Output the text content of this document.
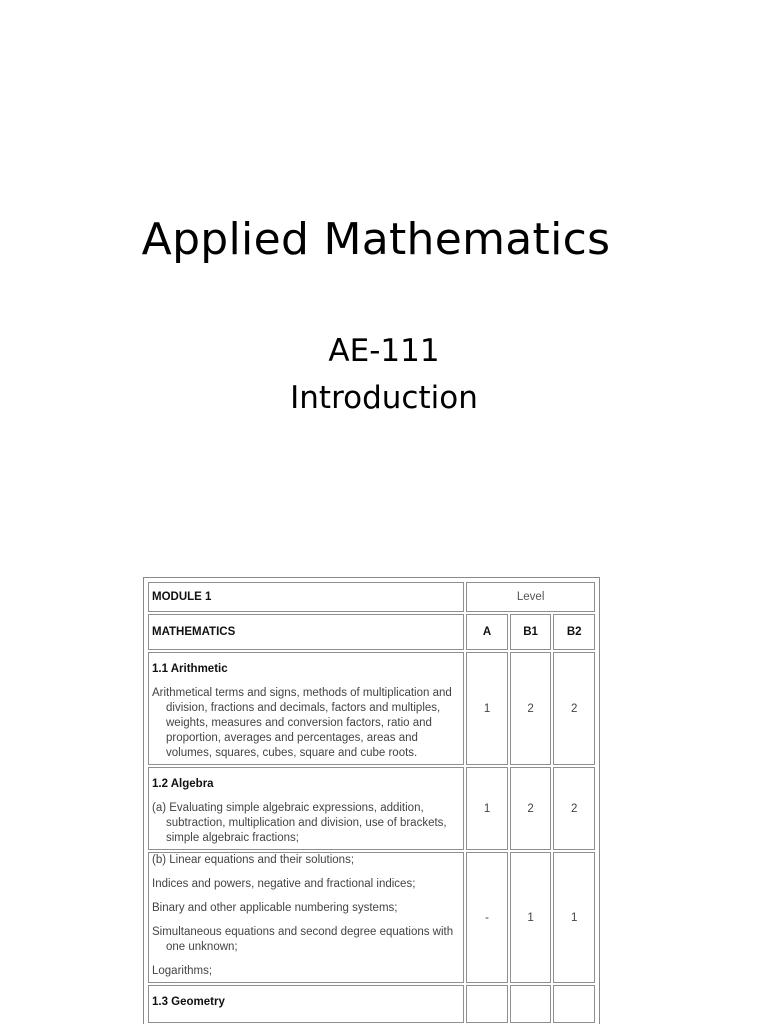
Applied Mathematics
AE-111
Introduction
MODULE 1	Level		
MATHEMATICS	A	B1	B2

1.1 Arithmetic
Arithmetical terms and signs, methods of multiplication and division, fractions and decimals, factors and multiples, weights, measures and conversion factors, ratio and proportion, averages and percentages, areas and volumes, squares, cubes, square and cube roots.	1	2	2

1.2 Algebra
(a) Evaluating simple algebraic expressions, addition, subtraction, multiplication and division, use of brackets, simple algebraic fractions;	1	2	2

(b) Linear equations and their solutions;
Indices and powers, negative and fractional indices;
Binary and other applicable numbering systems;
Simultaneous equations and second degree equations with one unknown;
Logarithms;	-	1	1

1.3 Geometry			
